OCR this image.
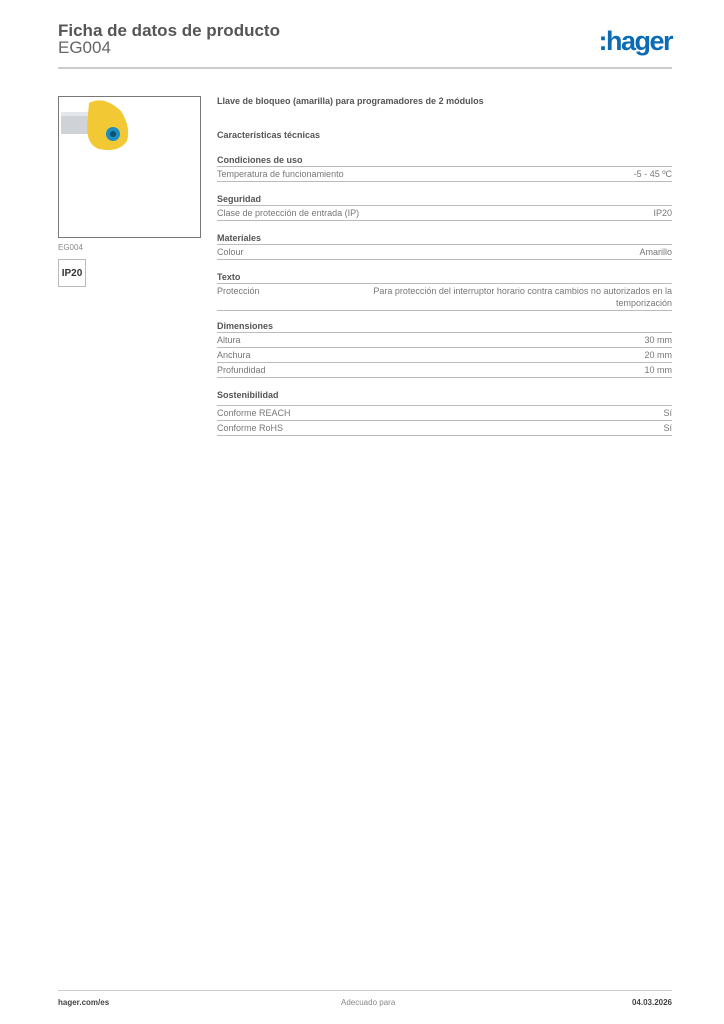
Ficha de datos de producto
EG004	:hager
EG004
IP20
Llave de bloqueo (amarilla) para programadores de 2 módulos
Características técnicas
Condiciones de uso
Temperatura de funcionamiento	-5 - 45 ºC
Seguridad
Clase de protección de entrada (IP)	IP20
Materiales
Colour	Amarillo
Texto
Protección	Para protección del interruptor horario contra cambios no autorizados en la temporización
Dimensiones
Altura	30 mm
Anchura	20 mm
Profundidad	10 mm
Sostenibilidad
Conforme REACH	Sí
Conforme RoHS	Sí
hager.com/es	Adecuado para	04.03.2026
